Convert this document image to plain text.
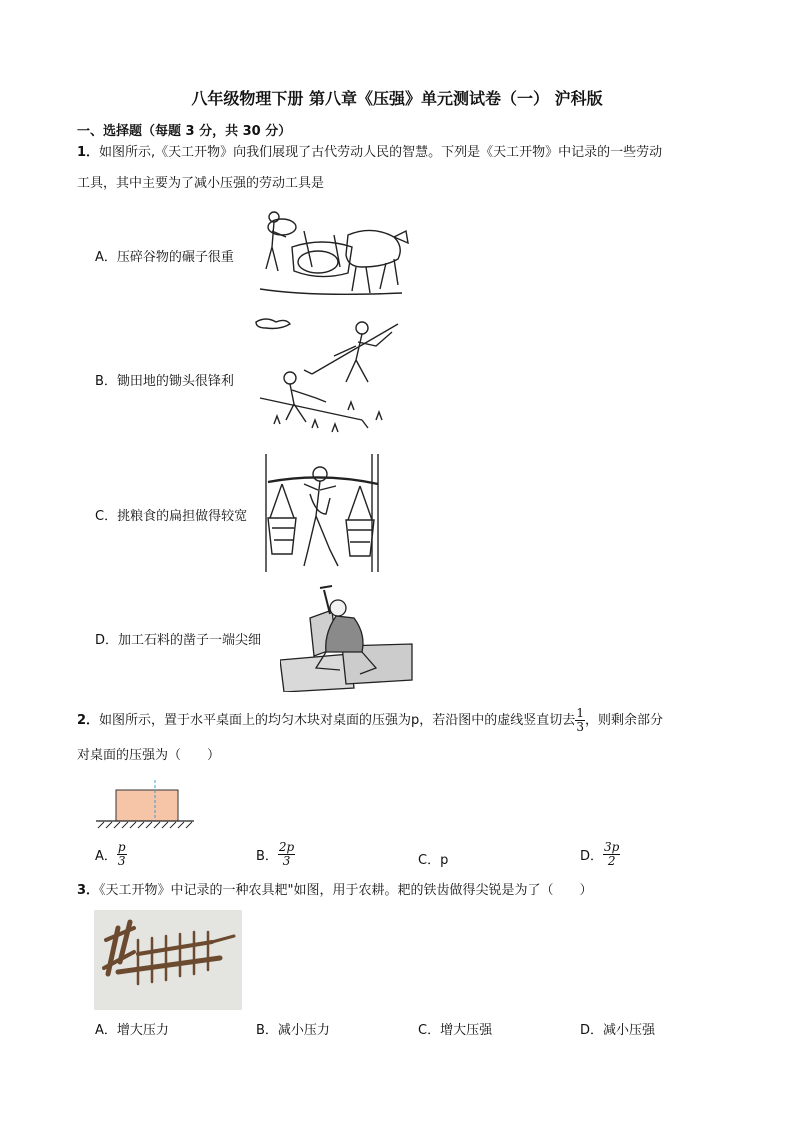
八年级物理下册 第八章《压强》单元测试卷（一） 沪科版
一、选择题（每题 3 分，共 30 分）
1．如图所示,《天工开物》向我们展现了古代劳动人民的智慧。下列是《天工开物》中记录的一些劳动
工具，其中主要为了减小压强的劳动工具是
A．压碎谷物的碾子很重
B．锄田地的锄头很锋利
C．挑粮食的扁担做得较宽
D．加工石料的凿子一端尖细
2．如图所示，置于水平桌面上的均匀木块对桌面的压强为p，若沿图中的虚线竖直切去 $\frac{1}{3}$ ，则剩余部分
对桌面的压强为（　　）
A． $\frac{p}{3}$	B． $\frac{2p}{3}$	C．p	D． $\frac{3p}{2}$
3．《天工开物》中记录的一种农具耙"如图，用于农耕。耙的铁齿做得尖锐是为了（　　）
A．增大压力	B．减小压力	C．增大压强	D．减小压强
